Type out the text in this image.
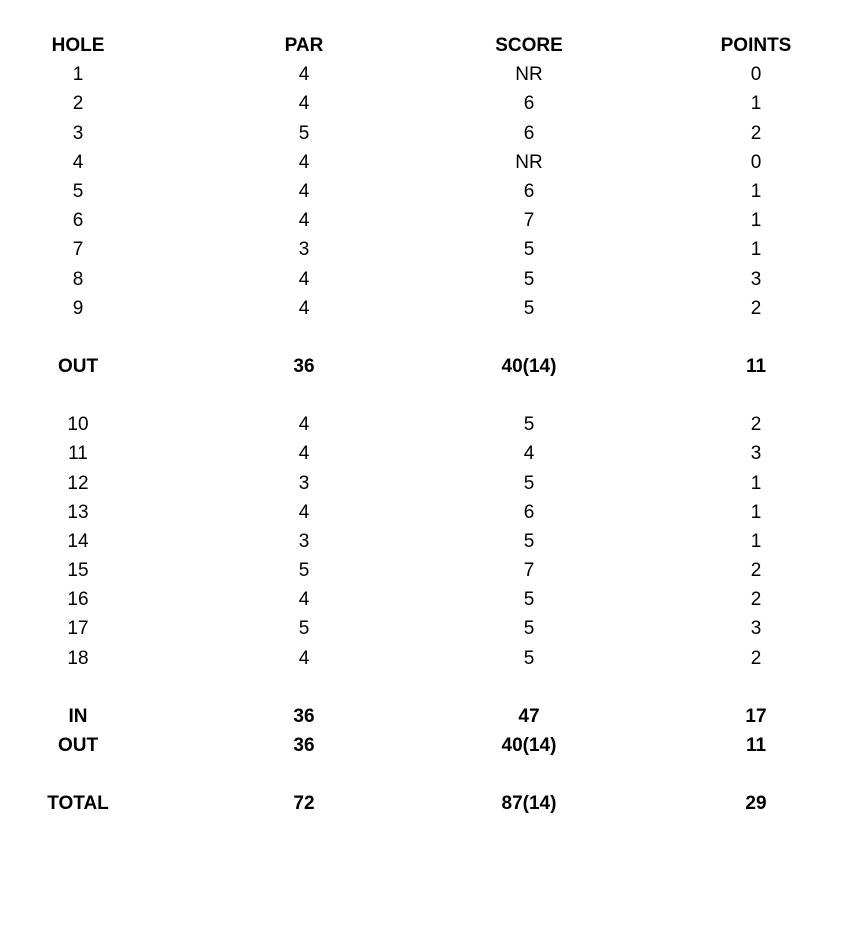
HOLE	PAR	SCORE	POINTS
1	4	NR	0
2	4	6	1
3	5	6	2
4	4	NR	0
5	4	6	1
6	4	7	1
7	3	5	1
8	4	5	3
9	4	5	2
OUT	36	40(14)	11
10	4	5	2
11	4	4	3
12	3	5	1
13	4	6	1
14	3	5	1
15	5	7	2
16	4	5	2
17	5	5	3
18	4	5	2
IN	36	47	17
OUT	36	40(14)	11
TOTAL	72	87(14)	29
